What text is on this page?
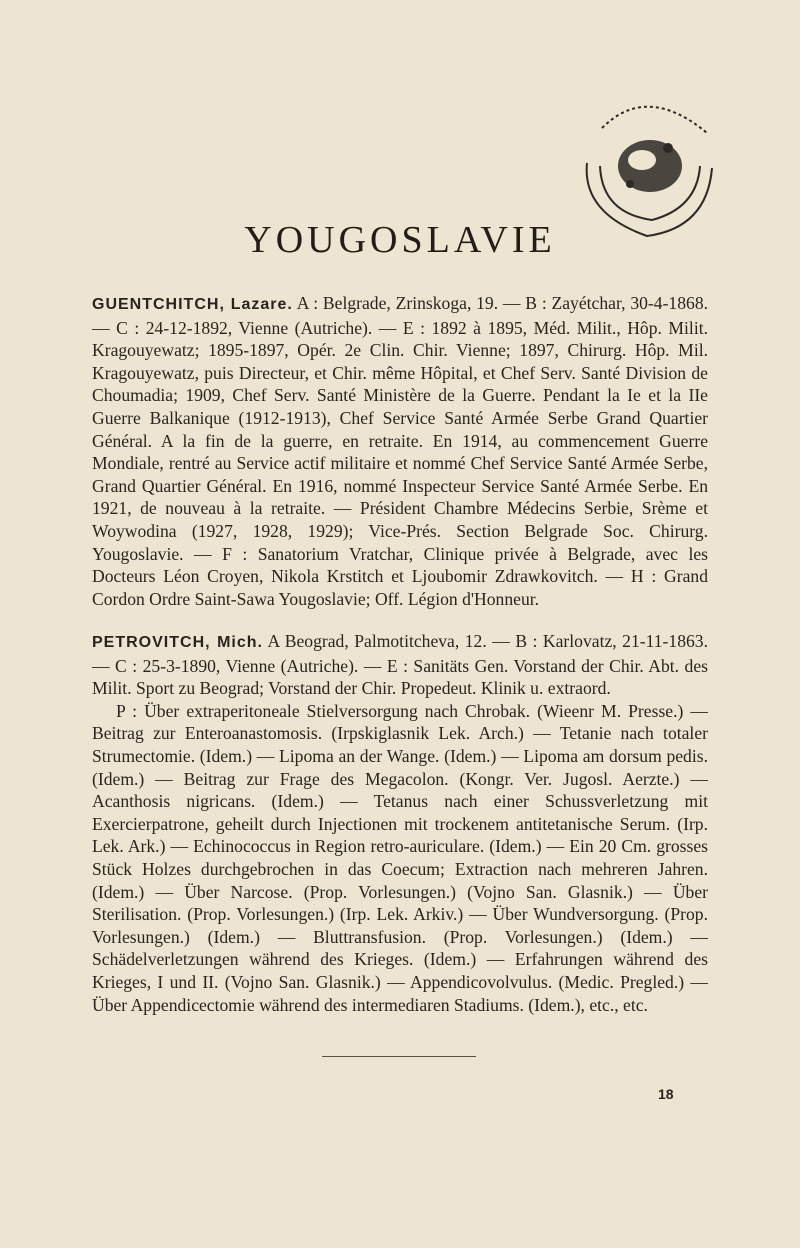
YOUGOSLAVIE

GUENTCHITCH, Lazare. A : Belgrade, Zrinskoga, 19. — B : Zayétchar, 30-4-1868. — C : 24-12-1892, Vienne (Autriche). — E : 1892 à 1895, Méd. Milit., Hôp. Milit. Kragouyewatz; 1895-1897, Opér. 2e Clin. Chir. Vienne; 1897, Chirurg. Hôp. Mil. Kragouyewatz, puis Directeur, et Chir. même Hôpital, et Chef Serv. Santé Division de Choumadia; 1909, Chef Serv. Santé Ministère de la Guerre. Pendant la Ie et la IIe Guerre Balkanique (1912-1913), Chef Service Santé Armée Serbe Grand Quartier Général. A la fin de la guerre, en retraite. En 1914, au commencement Guerre Mondiale, rentré au Service actif militaire et nommé Chef Service Santé Armée Serbe, Grand Quartier Général. En 1916, nommé Inspecteur Service Santé Armée Serbe. En 1921, de nouveau à la retraite. — Président Chambre Médecins Serbie, Srème et Woywodina (1927, 1928, 1929); Vice-Prés. Section Belgrade Soc. Chirurg. Yougoslavie. — F : Sanatorium Vratchar, Clinique privée à Belgrade, avec les Docteurs Léon Croyen, Nikola Krstitch et Ljoubomir Zdrawkovitch. — H : Grand Cordon Ordre Saint-Sawa Yougoslavie; Off. Légion d'Honneur.

PETROVITCH, Mich. A Beograd, Palmotitcheva, 12. — B : Karlovatz, 21-11-1863. — C : 25-3-1890, Vienne (Autriche). — E : Sanitäts Gen. Vorstand der Chir. Abt. des Milit. Sport zu Beograd; Vorstand der Chir. Propedeut. Klinik u. extraord.

P : Über extraperitoneale Stielversorgung nach Chrobak. (Wieenr M. Presse.) — Beitrag zur Enteroanastomosis. (Irpskiglasnik Lek. Arch.) — Tetanie nach totaler Strumectomie. (Idem.) — Lipoma an der Wange. (Idem.) — Lipoma am dorsum pedis. (Idem.) — Beitrag zur Frage des Megacolon. (Kongr. Ver. Jugosl. Aerzte.) — Acanthosis nigricans. (Idem.) — Tetanus nach einer Schussverletzung mit Exercierpatrone, geheilt durch Injectionen mit trockenem antitetanische Serum. (Irp. Lek. Ark.) — Echinococcus in Region retro-auriculare. (Idem.) — Ein 20 Cm. grosses Stück Holzes durchgebrochen in das Coecum; Extraction nach mehreren Jahren. (Idem.) — Über Narcose. (Prop. Vorlesungen.) (Vojno San. Glasnik.) — Über Sterilisation. (Prop. Vorlesungen.) (Irp. Lek. Arkiv.) — Über Wundversorgung. (Prop. Vorlesungen.) (Idem.) — Bluttransfusion. (Prop. Vorlesungen.) (Idem.) — Schädelverletzungen während des Krieges. (Idem.) — Erfahrungen während des Krieges, I und II. (Vojno San. Glasnik.) — Appendicovolvulus. (Medic. Pregled.) — Über Appendicectomie während des intermediaren Stadiums. (Idem.), etc., etc.

18
